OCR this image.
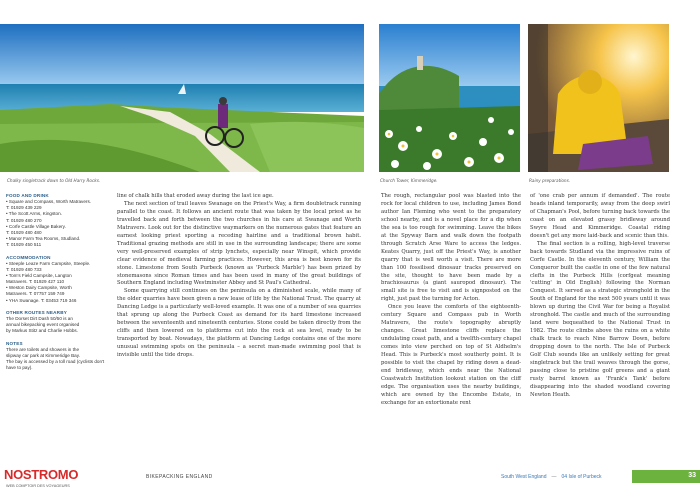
Chalky singletrack down to Old Harry Rocks.	Church Tower, Kimmeridge.	Rainy preparations.

FOOD AND DRINK

• Square and Compass, Worth Matravers.

T: 01929 439 229

• The Scott Arms, Kingston.

T: 01929 480 270

• Corfe Castle Village Bakery.

T: 01929 480 480

• Manor Farm Tea Rooms, Studland.

T: 01929 450 511

ACCOMMODATION

• Steeple Leaze Farm Campsite, Steeple.

T: 01929 480 733

• Tom's Field Campsite, Langton

Matravers. T: 01929 427 110

• Weston Dairy Campsite, Worth

Matravers. T: 07757 159 749

• YHA Swanage. T: 03453 719 346

OTHER ROUTES NEARBY

The Dorset Dirt Dash 50/50 is an

annual bikepacking event organised

by Markus Stitz and Charlie Hobbs.

NOTES

There are toilets and showers in the

slipway car park at Kimmeridge Bay.

The bay is accessed by a toll road (cyclists don't have to pay).

line of chalk hills that eroded away during the last ice age.

The next section of trail leaves Swanage on the Priest's Way, a firm doubletrack running parallel to the coast. It follows an ancient route that was taken by the local priest as he travelled back and forth between the two churches in his care at Swanage and Worth Matravers. Look out for the distinctive waymarkers on the numerous gates that feature an earnest looking priest sporting a receding hairline and a traditional brown habit. Traditional grazing methods are still in use in the surrounding landscape; there are some very well-preserved examples of strip lynchets, especially near Winspit, which provide clear evidence of medieval farming practices. However, this area is best known for its stone. Limestone from South Purbeck (known as 'Purbeck Marble') has been prized by stonemasons since Roman times and has been used in many of the great buildings of Southern England including Westminster Abbey and St Paul's Cathedral.

Some quarrying still continues on the peninsula on a diminished scale, while many of the older quarries have been given a new lease of life by the National Trust. The quarry at Dancing Ledge is a particularly well-loved example. It was one of a number of sea quarries that sprung up along the Purbeck Coast as demand for its hard limestone increased between the seventeenth and nineteenth centuries. Stone could be taken directly from the cliffs and then lowered on to platforms cut into the rock at sea level, ready to be transported by boat. Nowadays, the platform at Dancing Ledge contains one of the more unusual swimming spots on the peninsula – a secret man-made swimming pool that is invisible until the tide drops.

The rough, rectangular pool was blasted into the rock for local children to use, including James Bond author Ian Fleming who went to the preparatory school nearby, and is a novel place for a dip when the sea is too rough for swimming. Leave the bikes at the Spyway Barn and walk down the footpath through Scratch Arse Ware to access the ledges. Keates Quarry, just off the Priest's Way, is another quarry that is well worth a visit. There are more than 100 fossilised dinosaur tracks preserved on the site, thought to have been made by a brachiosaurus (a giant sauropod dinosaur). The small site is free to visit and is signposted on the right, just past the turning for Acton.

Once you leave the comforts of the eighteenth-century Square and Compass pub in Worth Matravers, the route's topography abruptly changes. Great limestone cliffs replace the undulating coast path, and a twelfth-century chapel comes into view perched on top of St Aldhelm's Head. This is Purbeck's most southerly point. It is possible to visit the chapel by riding down a dead-end bridleway, which ends near the National Coastwatch Institution lookout station on the cliff edge. The organisation uses the nearby buildings, which are owned by the Encombe Estate, in exchange for an extortionate rent

of 'one crab per annum if demanded'. The route heads inland temporarily, away from the deep swirl of Chapman's Pool, before turning back towards the coast on an elevated grassy bridleway around Swyre Head and Kimmeridge. Coastal riding doesn't get any more laid-back and scenic than this.

The final section is a rolling, high-level traverse back towards Studland via the impressive ruins of Corfe Castle. In the eleventh century, William the Conqueror built the castle in one of the few natural clefts in the Purbeck Hills (corfgeat meaning 'cutting' in Old English) following the Norman Conquest. It served as a strategic stronghold in the South of England for the next 500 years until it was blown up during the Civil War for being a Royalist stronghold. The castle and much of the surrounding land were bequeathed to the National Trust in 1982. The route climbs above the ruins on a white chalk track to reach Nine Barrow Down, before dropping down to the north. The Isle of Purbeck Golf Club sounds like an unlikely setting for great singletrack but the trail weaves through the gorse, passing close to pristine golf greens and a giant rusty barrel known as 'Frank's Tank' before disappearing into the shaded woodland covering Newton Heath.

BIKEPACKING ENGLAND	South West England — 04 Isle of Purbeck	33
NOSTROMO
WEB COMPTOIR DES VOYAGEURS
